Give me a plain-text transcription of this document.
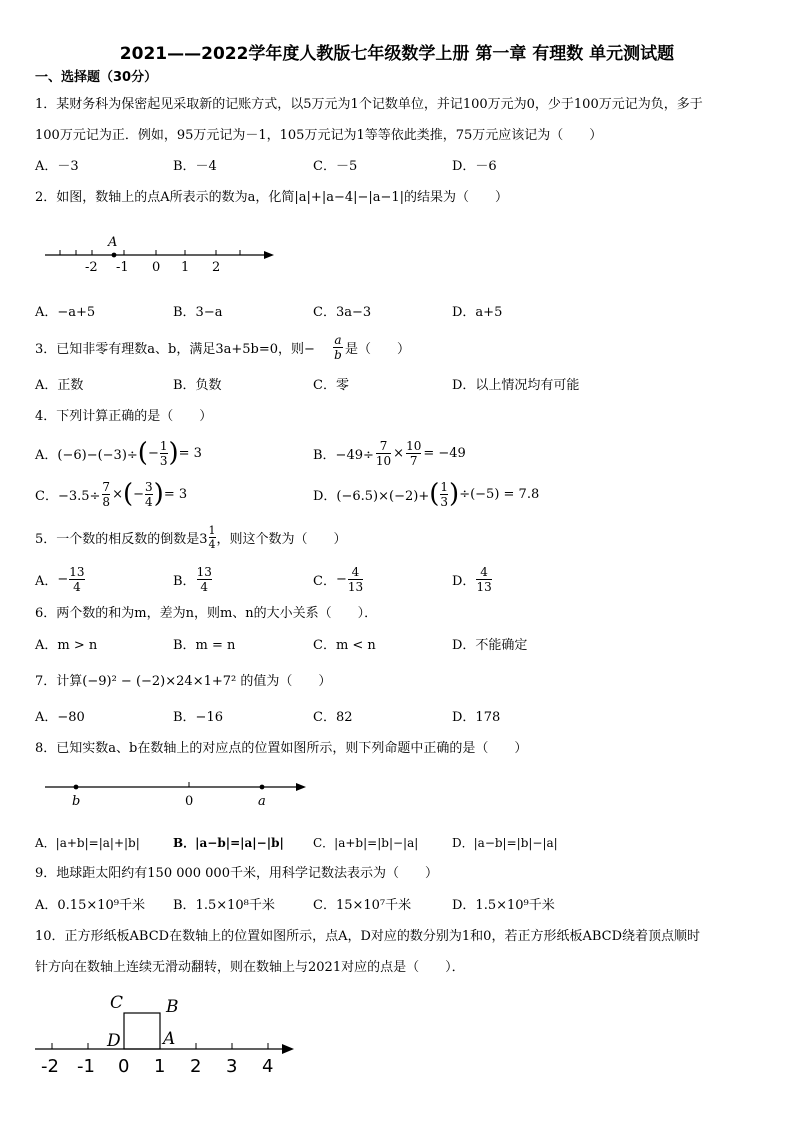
2021——2022学年度人教版七年级数学上册 第一章 有理数 单元测试题
一、选择题（30分）
1．某财务科为保密起见采取新的记账方式，以5万元为1个记数单位，并记100万元为0，少于100万元记为负，多于
100万元记为正．例如，95万元记为－1，105万元记为1等等依此类推，75万元应该记为（　　）
A．－3	B．－4	C．－5	D．－6
2．如图，数轴上的点A所表示的数为a，化简|a|+|a−4|−|a−1|的结果为（　　）
A
-2 -1 0 1 2
A．−a+5	B．3−a	C．3a−3	D．a+5
3．已知非零有理数a、b，满足3a+5b=0，则− $\frac{a}{b}$ 是（　　）
A．正数	B．负数	C．零	D．以上情况均有可能
4．下列计算正确的是（　　）
A．(−6)−(−3)÷ ( − $\frac{1}{3}$ ) = 3	B．$-49\div \frac{7}{10} \times \frac{10}{7} = -49$
C．$-3.5\div \frac{7}{8}$ × ( − $\frac{3}{4}$ ) = 3	D．(−6.5)×(−2)+ ( $\frac{1}{3}$ ) ÷(−5) = 7.8
5．一个数的相反数的倒数是$3 \frac{1}{4}$ ，则这个数为（　　）
A． − $\frac{13}{4}$	B． $\frac{13}{4}$	C． − $\frac{4}{13}$	D． $\frac{4}{13}$
6．两个数的和为m，差为n，则m、n的大小关系（　　）．
A．m > n	B．m = n	C．m < n	D．不能确定
7．计算(−9)² − (−2)×24×1+7² 的值为（　　）
A．−80	B．−16	C．82	D．178
8．已知实数a、b在数轴上的对应点的位置如图所示，则下列命题中正确的是（　　）
b	0	a
A．|a+b|=|a|+|b|	B．|a−b|=|a|−|b| C．|a+b|=|b|−|a|	D．|a−b|=|b|−|a|
9．地球距太阳约有150 000 000千米，用科学记数法表示为（　　）
A．0.15×10⁹千米 B．1.5×10⁸千米	C．15×10⁷千米	D．1.5×10⁹千米
10．正方形纸板ABCD在数轴上的位置如图所示，点A，D对应的数分别为1和0，若正方形纸板ABCD绕着顶点顺时
针方向在数轴上连续无滑动翻转，则在数轴上与2021对应的点是（　　）．
C	B
D A
-2 -1 0 1 2 3 4
